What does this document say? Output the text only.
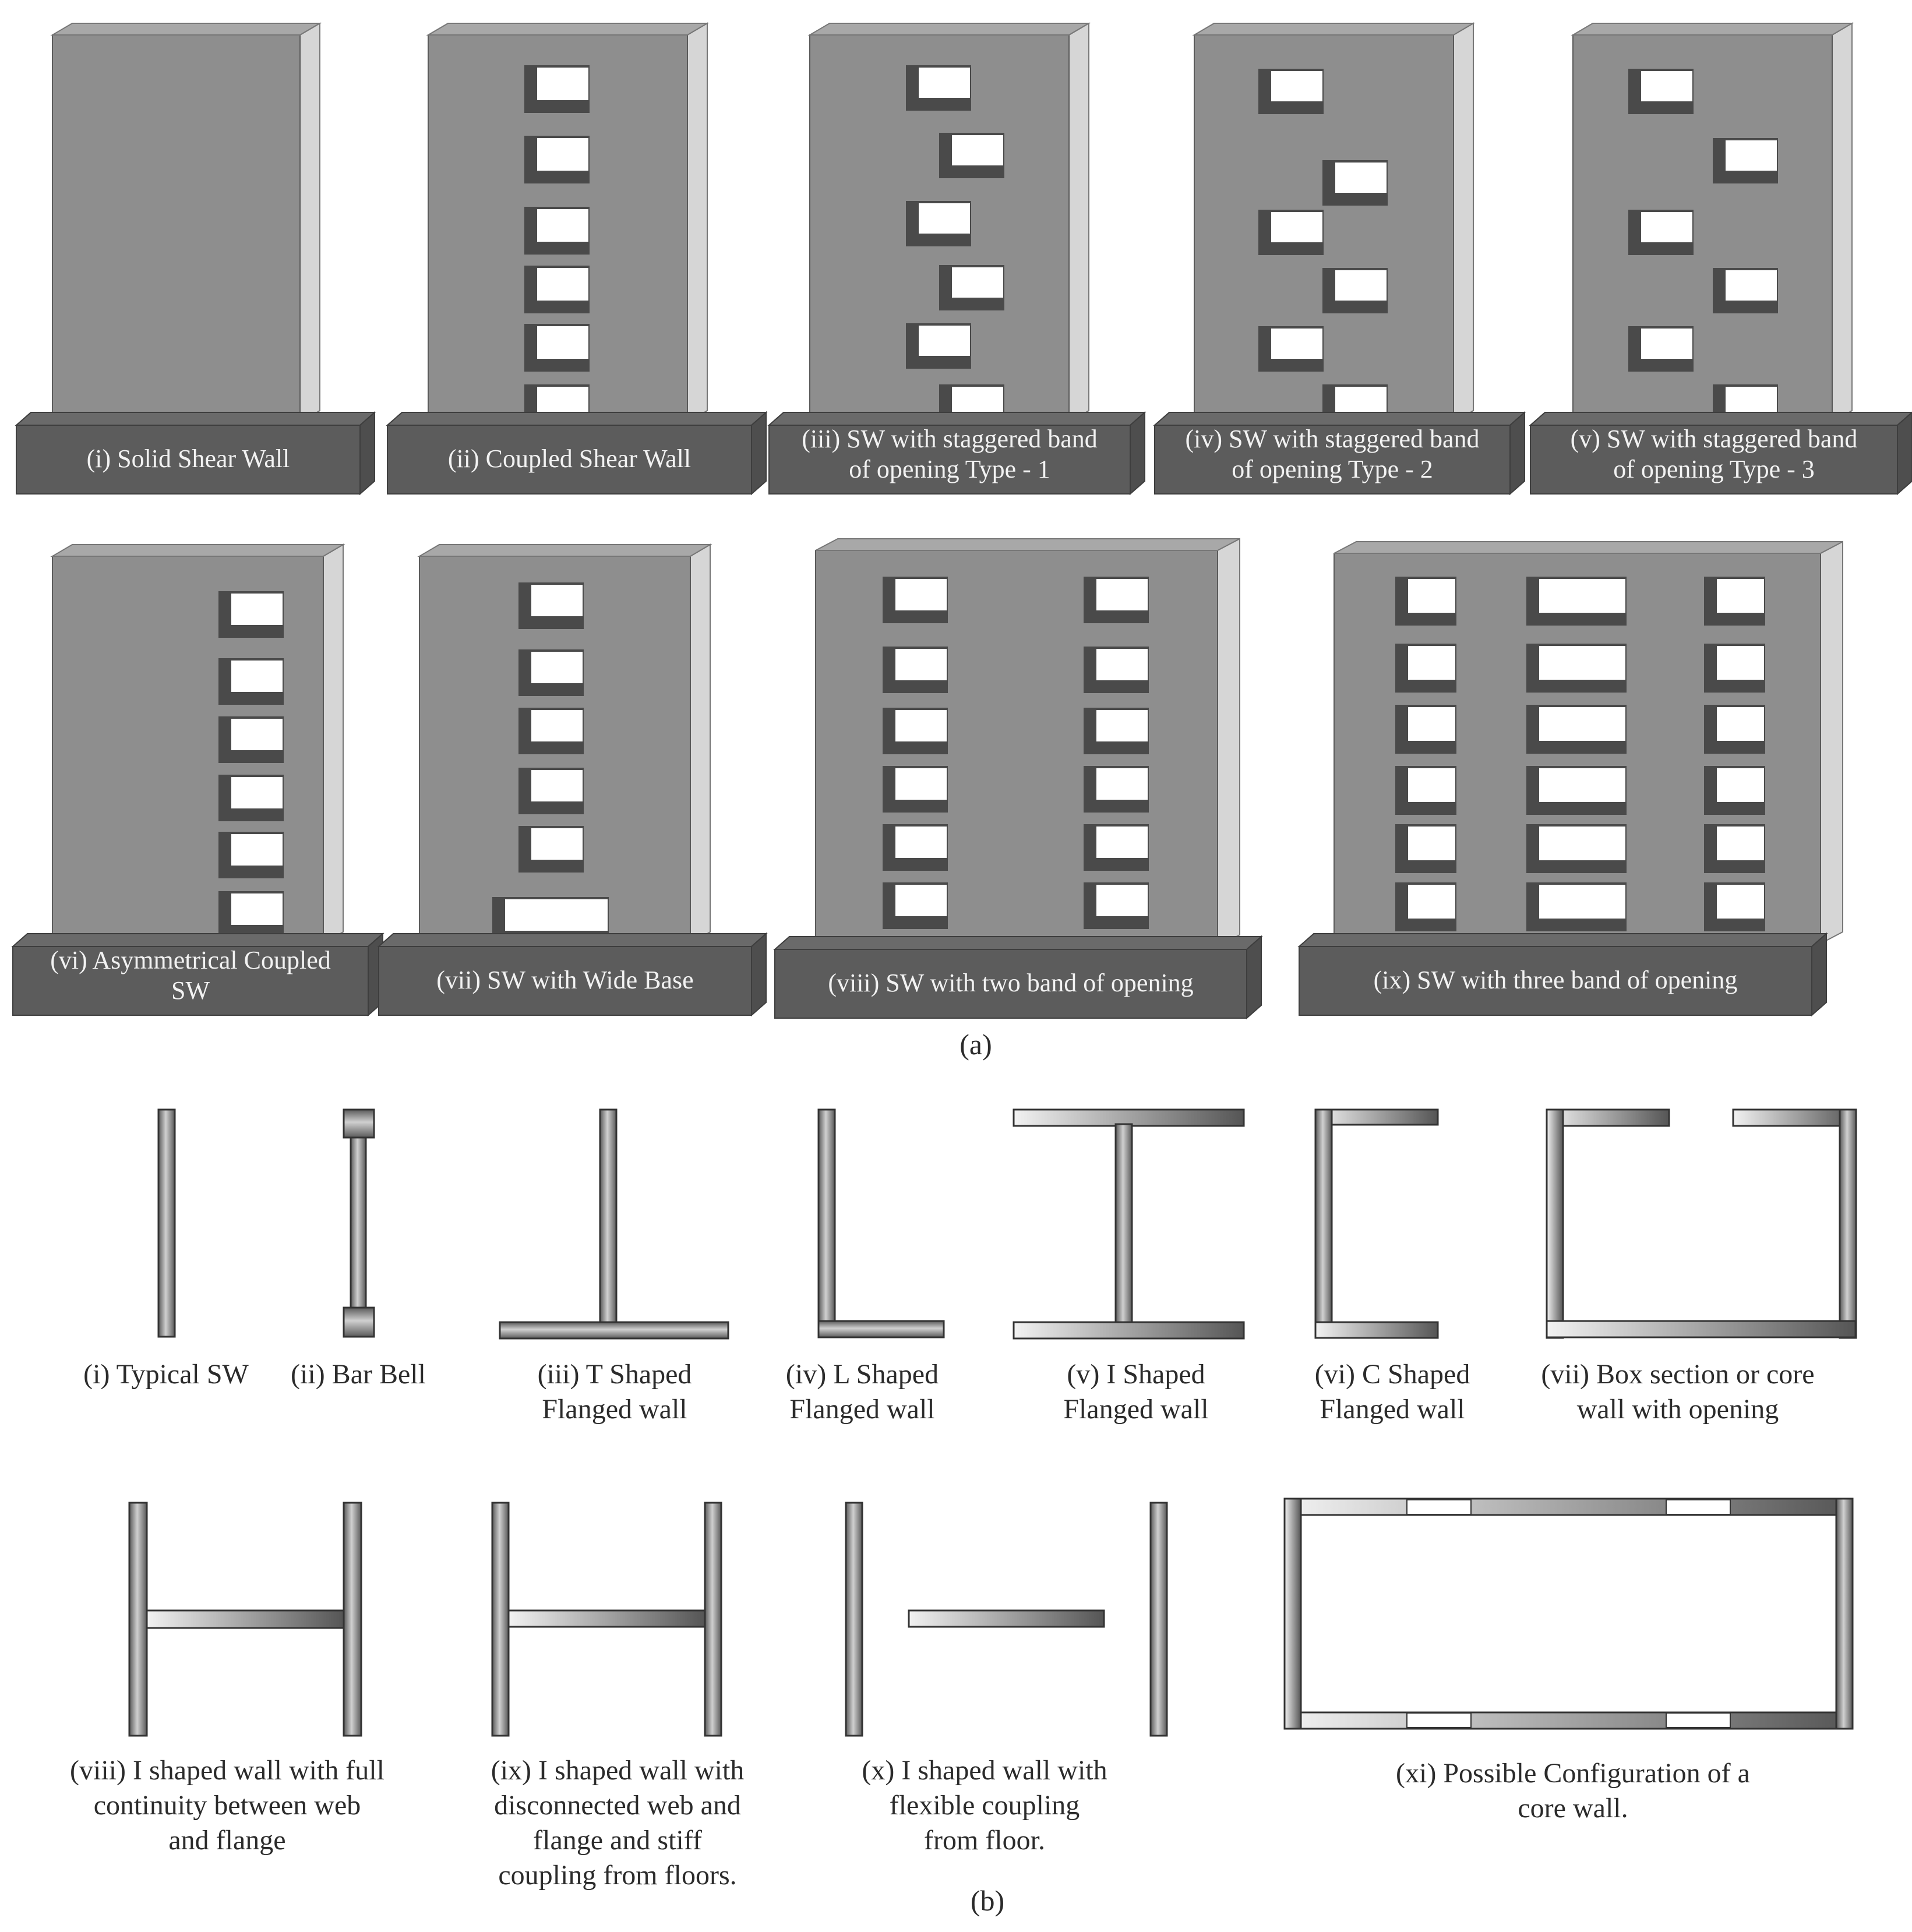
(i) Solid Shear Wall	(ii) Coupled Shear Wall
(iii) SW with staggered band
of opening Type - 1
(iv) SW with staggered band
of opening Type - 2
(v) SW with staggered band
of opening Type - 3
(vi) Asymmetrical Coupled
SW	(vii) SW with Wide Base	(viii) SW with two band of opening	(ix) SW with three band of opening
(i) Typical SW (ii) Bar Bell	(iii) T Shaped
Flanged wall
(iv) L Shaped
Flanged wall
(v) I Shaped
Flanged wall
(vi) C Shaped
Flanged wall
(vii) Box section or core
wall with opening
(viii) I shaped wall with full
continuity between web
and flange
(ix) I shaped wall with
disconnected web and
flange and stiff
coupling from floors.
(x) I shaped wall with
flexible coupling
from floor.
(xi) Possible Configuration of a
core wall.
(a)
(b)
